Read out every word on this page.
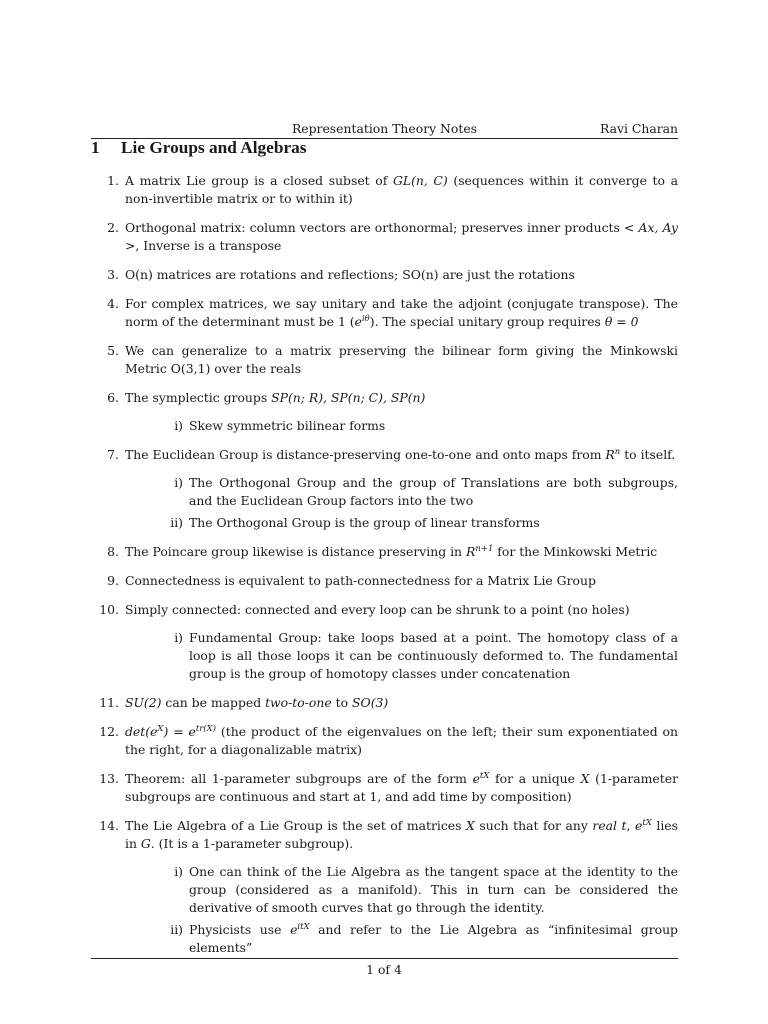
Representation Theory Notes	Ravi Charan
1 Lie Groups and Algebras
1. A matrix Lie group is a closed subset of GL(n, C) (sequences within it converge to a non-invertible matrix or to within it)

2. Orthogonal matrix: column vectors are orthonormal; preserves inner products < Ax, Ay >, Inverse is a transpose

3. O(n) matrices are rotations and reflections; SO(n) are just the rotations

4. For complex matrices, we say unitary and take the adjoint (conjugate transpose). The norm of the determinant must be 1 $(e^{i\theta})$. The special unitary group requires θ = 0

5. We can generalize to a matrix preserving the bilinear form giving the Minkowski Metric O(3,1) over the reals

6. The symplectic groups SP(n; R), SP(n; C), SP(n)

i) Skew symmetric bilinear forms

7. The Euclidean Group is distance-preserving one-to-one and onto maps from $R^n$ to itself.

i) The Orthogonal Group and the group of Translations are both subgroups, and the Euclidean Group factors into the two

ii) The Orthogonal Group is the group of linear transforms

8. The Poincare group likewise is distance preserving in $R^{n+1}$ for the Minkowski Metric

9. Connectedness is equivalent to path-connectedness for a Matrix Lie Group

10. Simply connected: connected and every loop can be shrunk to a point (no holes)

i) Fundamental Group: take loops based at a point. The homotopy class of a loop is all those loops it can be continuously deformed to. The fundamental group is the group of homotopy classes under concatenation

11. SU(2) can be mapped two-to-one to SO(3)

12. $\det(e^X) = e^{tr(X)}$ (the product of the eigenvalues on the left; their sum exponentiated on the right, for a diagonalizable matrix)

13. Theorem: all 1-parameter subgroups are of the form $e^{tX}$ for a unique X (1-parameter subgroups are continuous and start at 1, and add time by composition)

14. The Lie Algebra of a Lie Group is the set of matrices X such that for any real t, $e^{tX}$ lies in G. (It is a 1-parameter subgroup).

i) One can think of the Lie Algebra as the tangent space at the identity to the group (considered as a manifold). This in turn can be considered the derivative of smooth curves that go through the identity.

ii) Physicists use $e^{itX}$ and refer to the Lie Algebra as “infinitesimal group elements”

1 of 4
